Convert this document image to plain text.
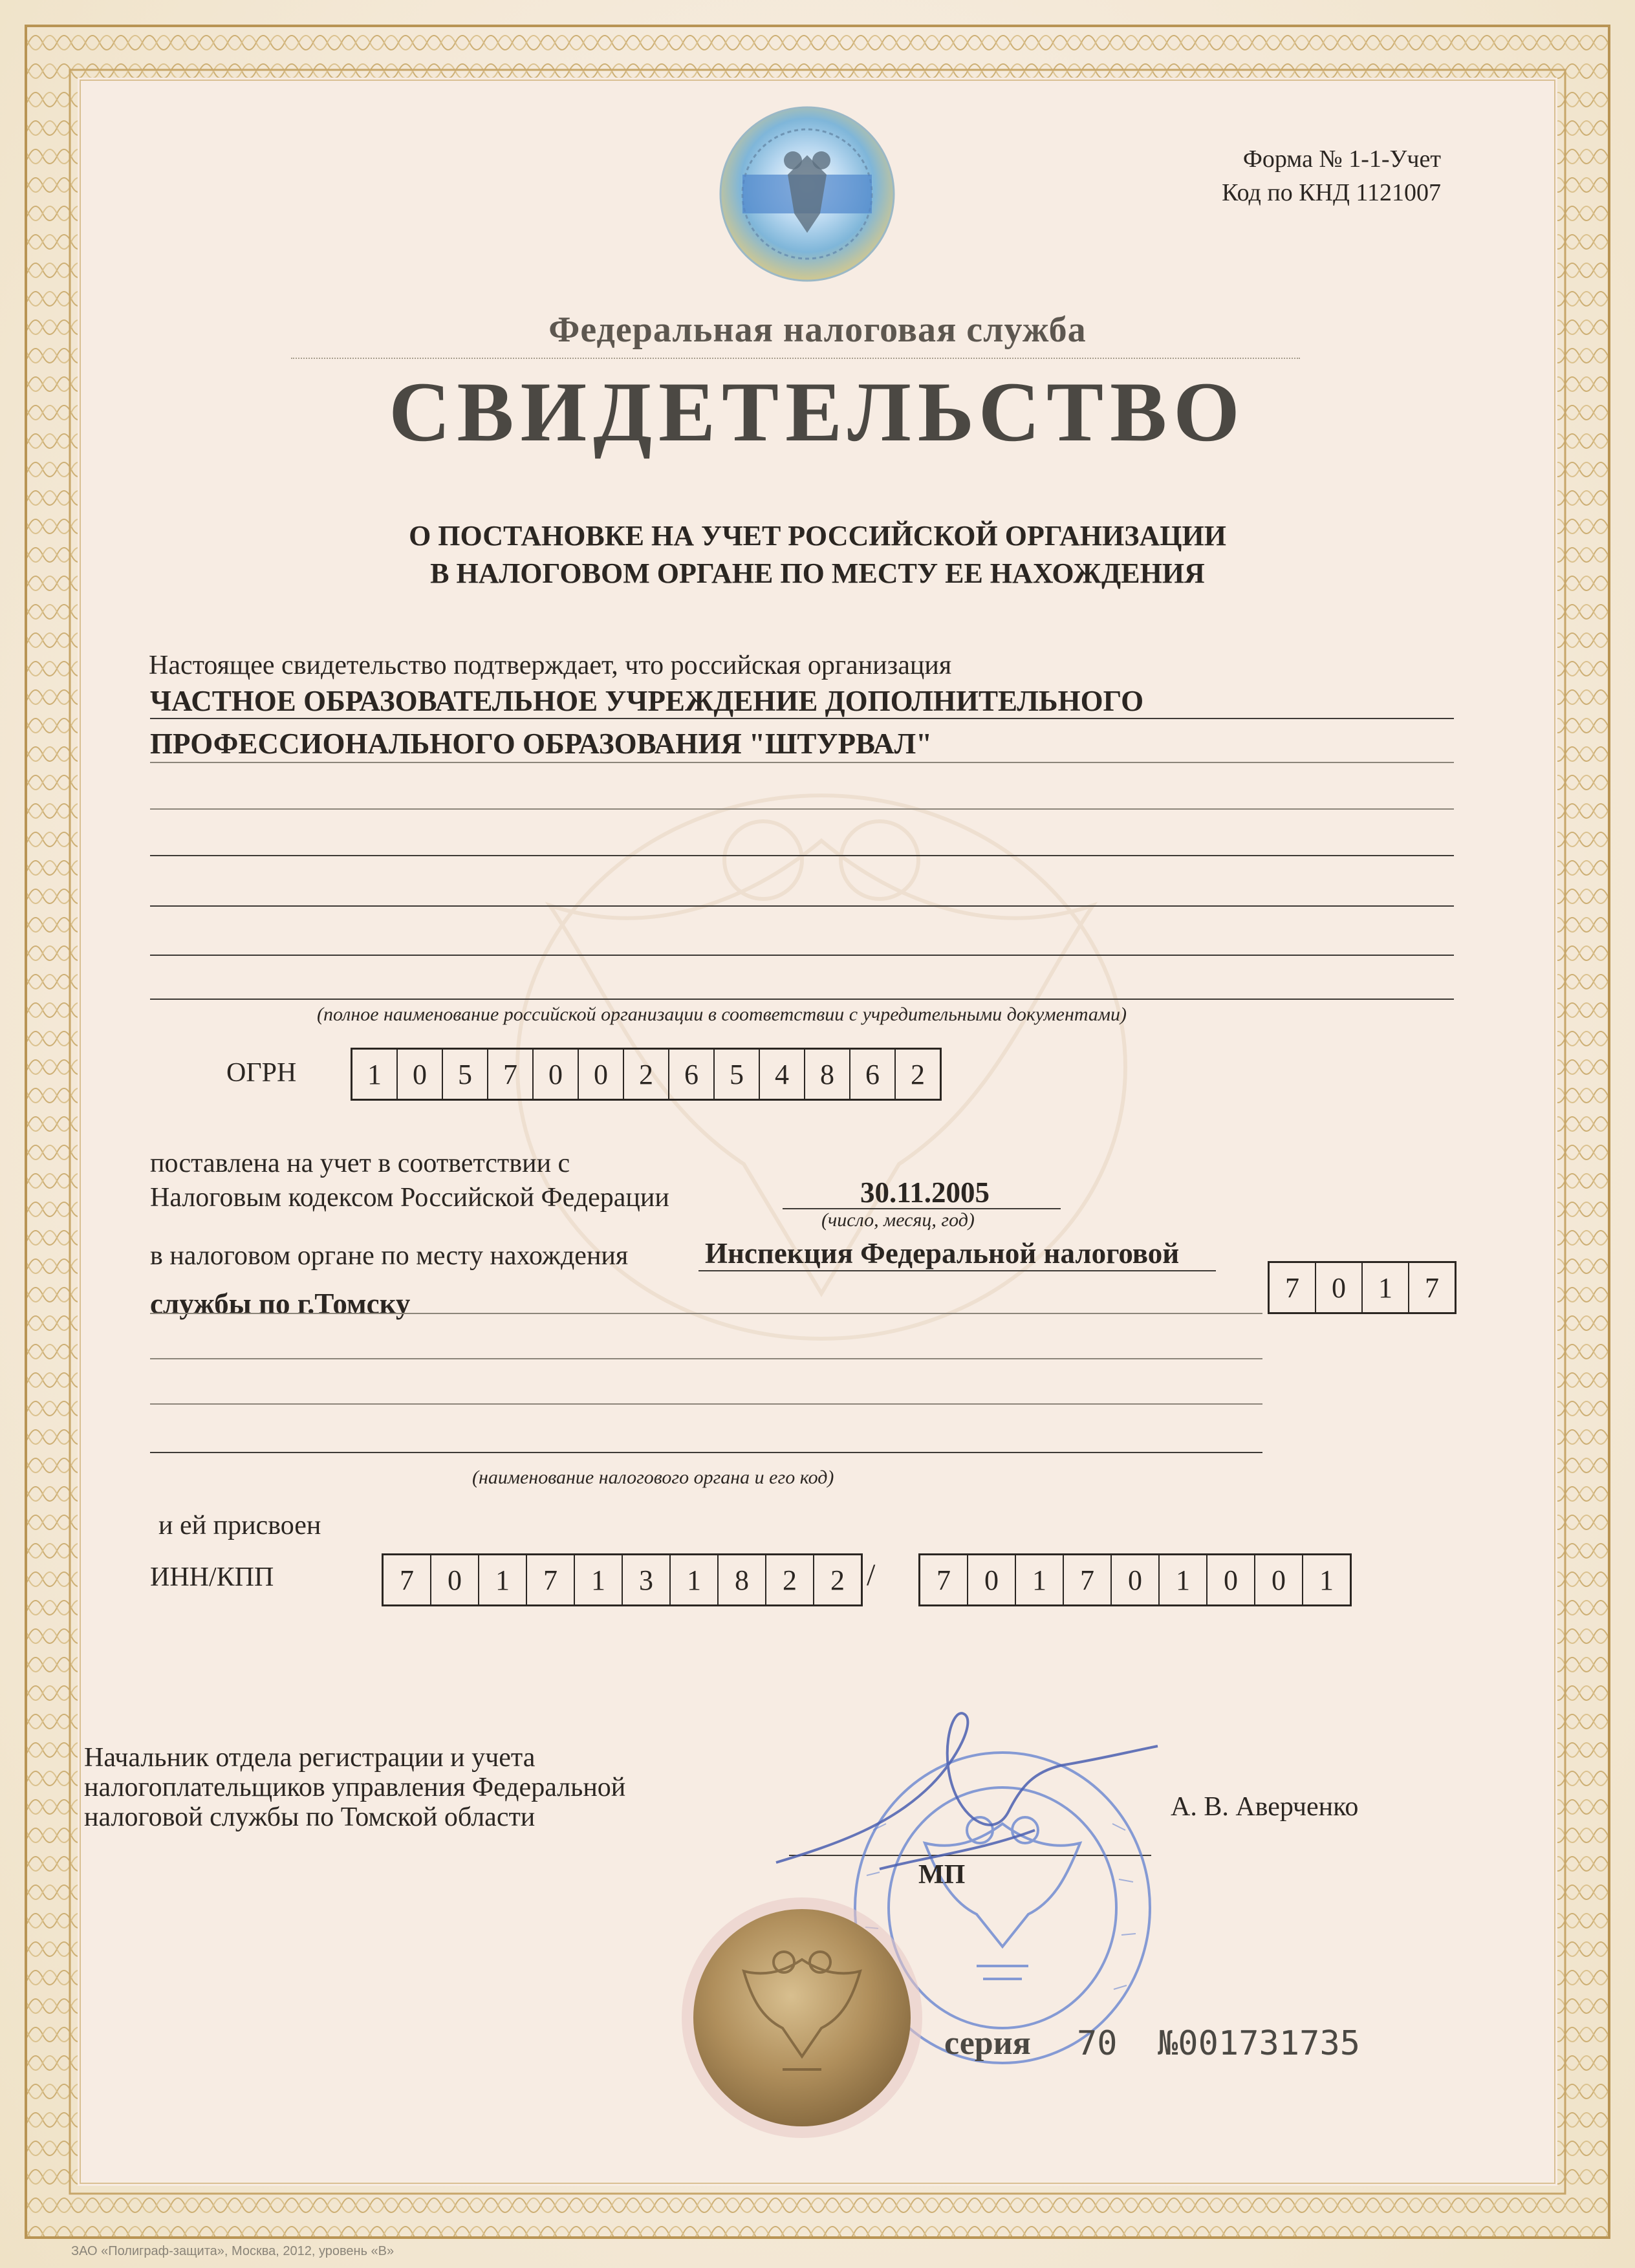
Форма № 1-1-Учет
Код по КНД 1121007
Федеральная налоговая служба
СВИДЕТЕЛЬСТВО
О ПОСТАНОВКЕ НА УЧЕТ РОССИЙСКОЙ ОРГАНИЗАЦИИ
В НАЛОГОВОМ ОРГАНЕ ПО МЕСТУ ЕЕ НАХОЖДЕНИЯ
Настоящее свидетельство подтверждает, что российская организация
ЧАСТНОЕ ОБРАЗОВАТЕЛЬНОЕ УЧРЕЖДЕНИЕ ДОПОЛНИТЕЛЬНОГО
ПРОФЕССИОНАЛЬНОГО ОБРАЗОВАНИЯ "ШТУРВАЛ"
(полное наименование российской организации в соответствии с учредительными документами)
ОГРН	1	0	5	7	0	0	2	6	5	4	8	6	2
поставлена на учет в соответствии с
Налоговым кодексом Российской Федерации	30.11.2005
(число, месяц, год)
в налоговом органе по месту нахождения	Инспекция Федеральной налоговой
службы по г.Томску	7	0	1	7
(наименование налогового органа и его код)
и ей присвоен
ИНН/КПП	7	0	1	7	1	3	1	8	2	2 /	7	0	1	7	0	1	0	0	1
Начальник отдела регистрации и учета
налогоплательщиков управления Федеральной
налоговой службы по Томской области	А. В. Аверченко
МП
серия 70 №001731735
ЗАО «Полиграф-защита», Москва, 2012, уровень «В»
